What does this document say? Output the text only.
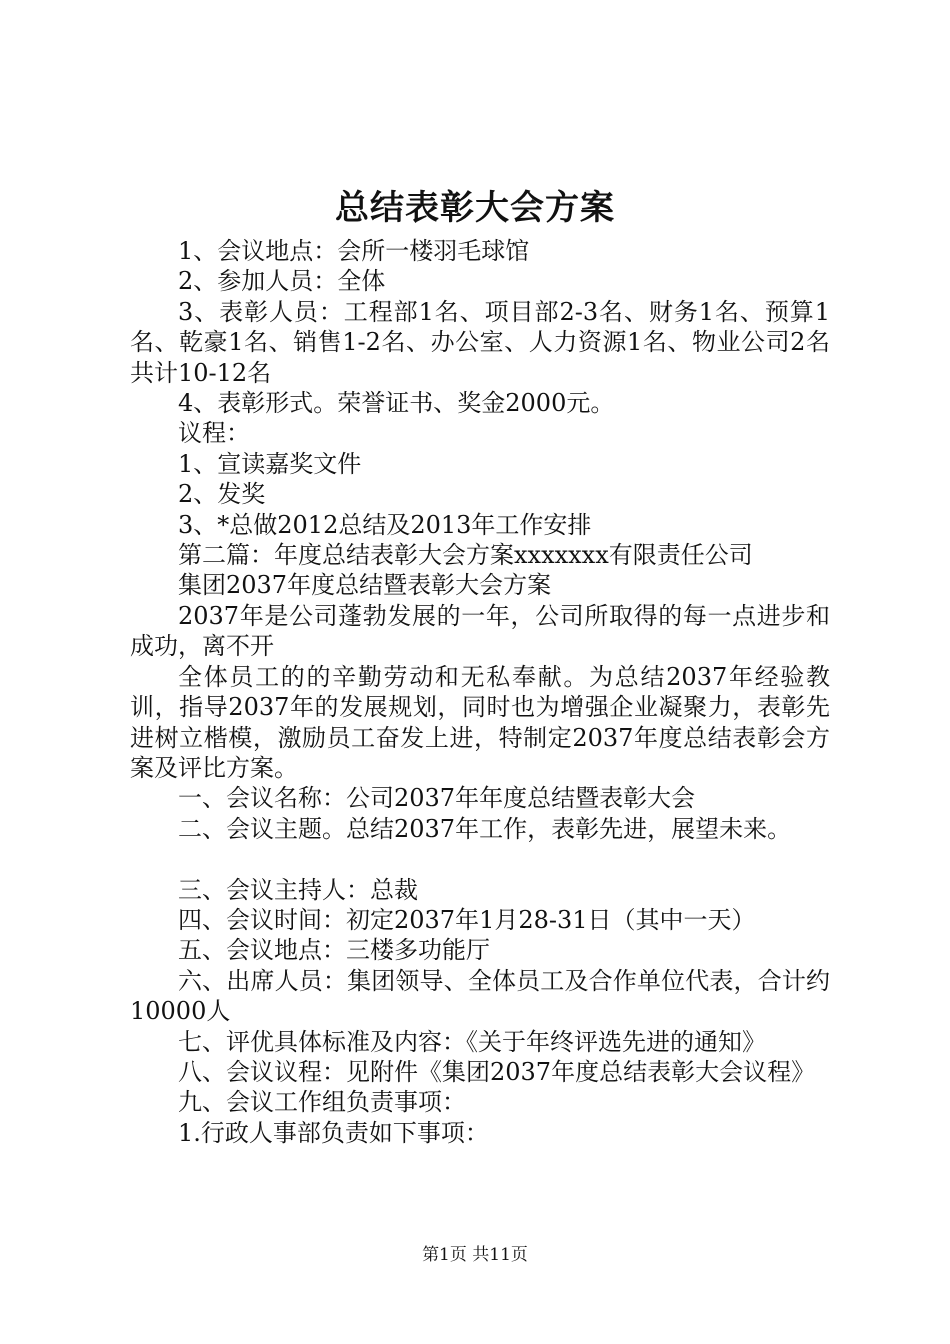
总结表彰大会方案

1、会议地点：会所一楼羽毛球馆

2、参加人员：全体

3、表彰人员：工程部1名、项目部2-3名、财务1名、预算1名、乾豪1名、销售1-2名、办公室、人力资源1名、物业公司2名共计10-12名

4、表彰形式。荣誉证书、奖金2000元。

议程：

1、宣读嘉奖文件

2、发奖

3、*总做2012总结及2013年工作安排

第二篇：年度总结表彰大会方案xxxxxxx有限责任公司

集团2037年度总结暨表彰大会方案

2037年是公司蓬勃发展的一年，公司所取得的每一点进步和成功，离不开

全体员工的的辛勤劳动和无私奉献。为总结2037年经验教训，指导2037年的发展规划，同时也为增强企业凝聚力，表彰先进树立楷模，激励员工奋发上进，特制定2037年度总结表彰会方案及评比方案。

一、会议名称：公司2037年年度总结暨表彰大会

二、会议主题。总结2037年工作，表彰先进，展望未来。

三、会议主持人：总裁

四、会议时间：初定2037年1月28-31日（其中一天）

五、会议地点：三楼多功能厅

六、出席人员：集团领导、全体员工及合作单位代表，合计约10000人

七、评优具体标准及内容：《关于年终评选先进的通知》

八、会议议程：见附件《集团2037年度总结表彰大会议程》

九、会议工作组负责事项：

1.行政人事部负责如下事项：

第1页 共11页
